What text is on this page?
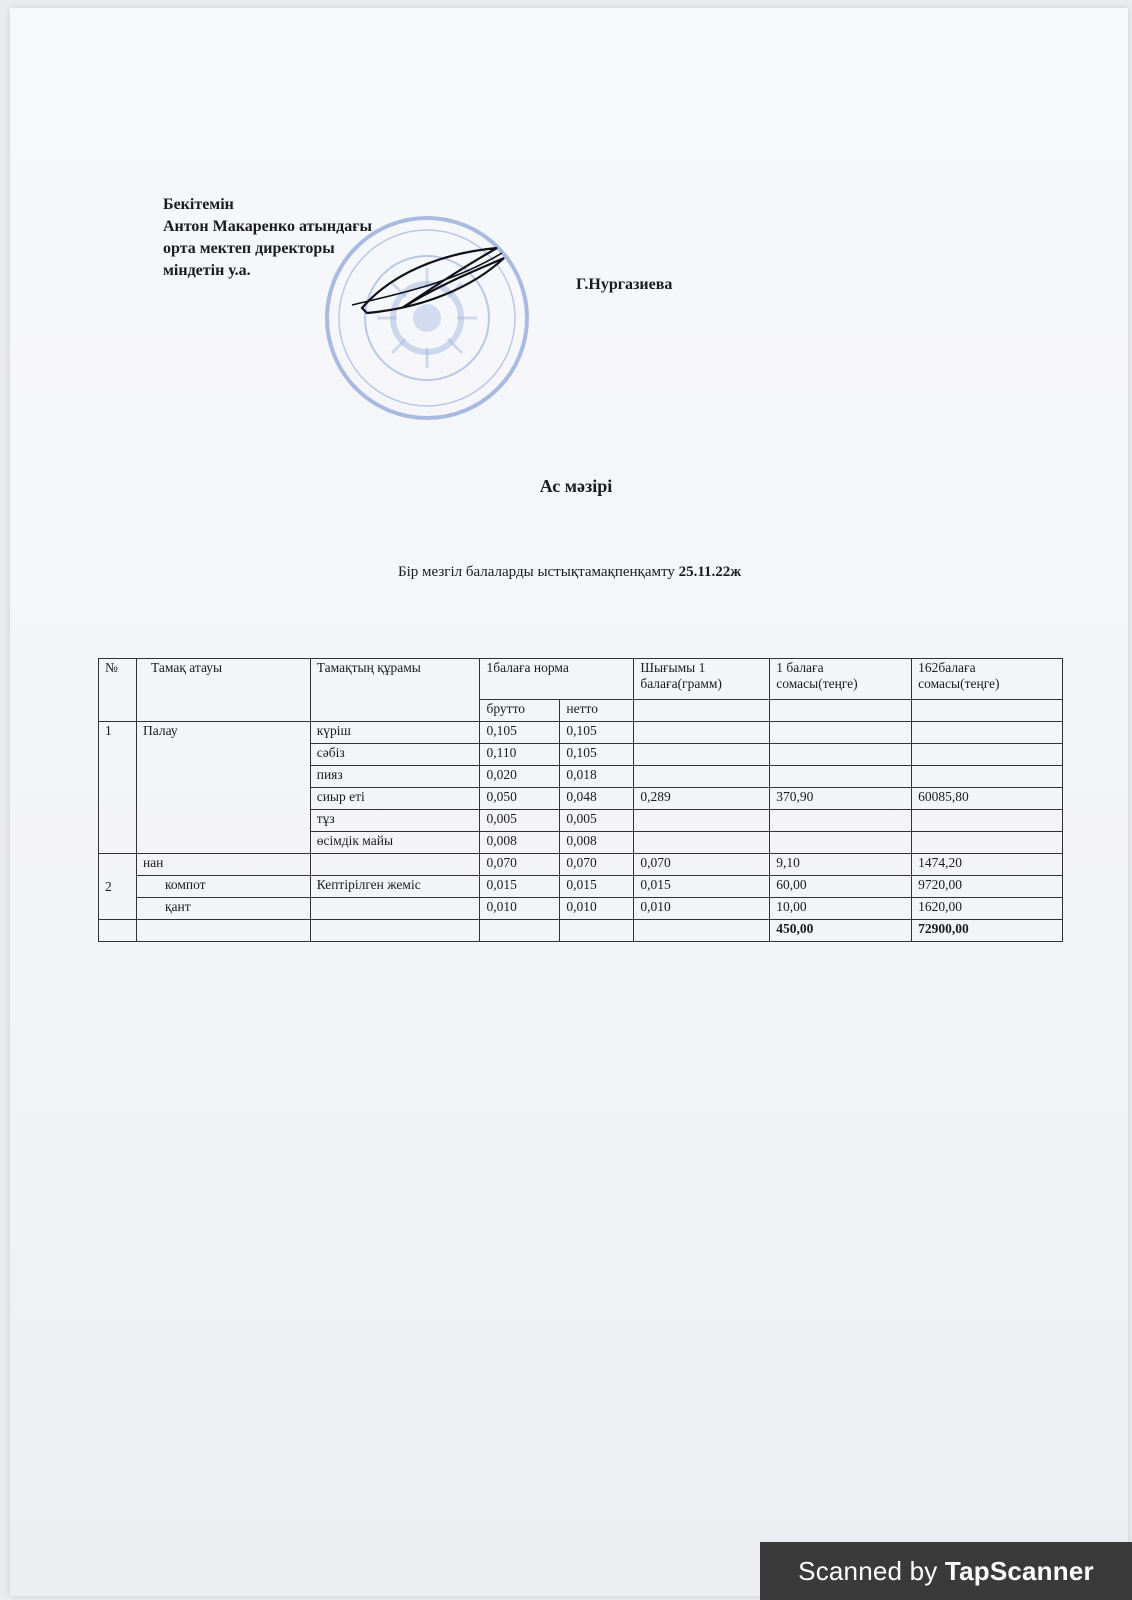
Бекітемін
Антон Макаренко атындағы
орта мектеп директоры
міндетін у.а.
Г.Нургазиева
Ас мәзірі
Бір мезгіл балаларды ыстықтамақпенқамту 25.11.22ж
№	Тамақ атауы	Тамақтың құрамы	1балаға норма		Шығымы 1 балаға(грамм)	1 балаға сомасы(теңге)	162балаға сомасы(теңге)
			брутто	нетто			
1	Палау	күріш	0,105	0,105			
		сәбіз	0,110	0,105			
		пияз	0,020	0,018			
		сиыр еті	0,050	0,048	0,289	370,90	60085,80
		тұз	0,005	0,005			
		өсімдік майы	0,008	0,008			
2	нан		0,070	0,070	0,070	9,10	1474,20
	компот	Кептірілген жеміс	0,015	0,015	0,015	60,00	9720,00
	қант		0,010	0,010	0,010	10,00	1620,00
						450,00	72900,00
Scanned by TapScanner
